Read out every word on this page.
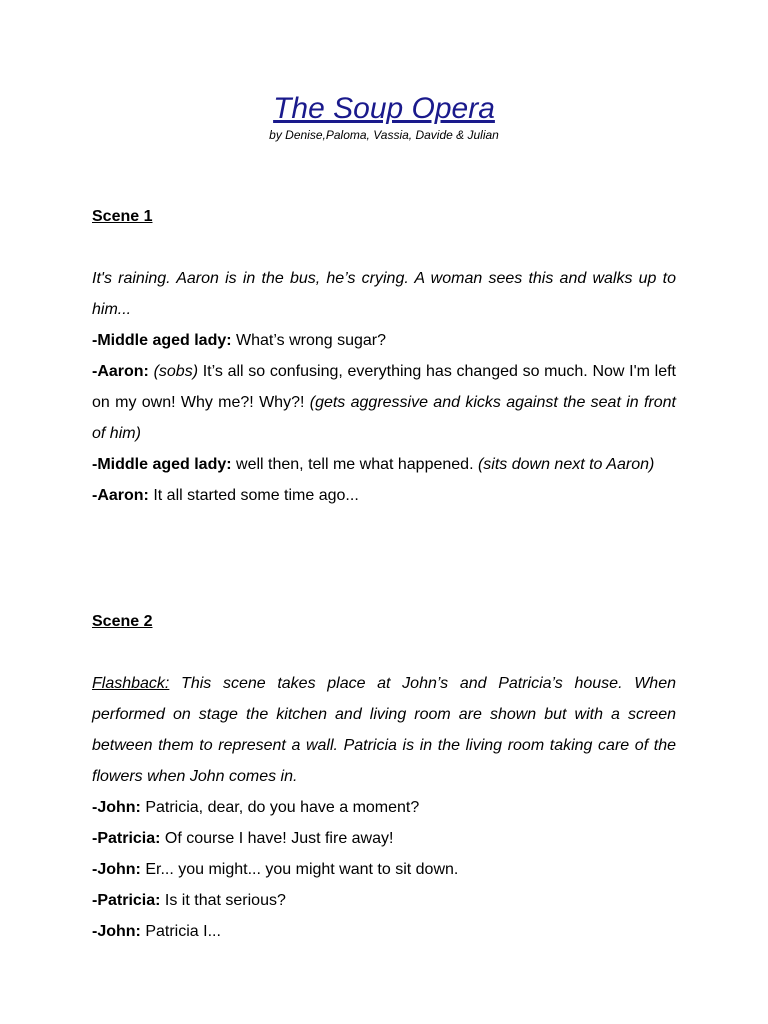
The Soup Opera
by Denise,Paloma, Vassia, Davide & Julian
Scene 1

It's raining. Aaron is in the bus, he’s crying. A woman sees this and walks up to him...

-Middle aged lady: What’s wrong sugar?

-Aaron: (sobs) It’s all so confusing, everything has changed so much. Now I'm left on my own! Why me?! Why?! (gets aggressive and kicks against the seat in front of him)

-Middle aged lady: well then, tell me what happened. (sits down next to Aaron)

-Aaron: It all started some time ago...

Scene 2

Flashback: This scene takes place at John’s and Patricia’s house. When performed on stage the kitchen and living room are shown but with a screen between them to represent a wall. Patricia is in the living room taking care of the flowers when John comes in.

-John: Patricia, dear, do you have a moment?

-Patricia: Of course I have! Just fire away!

-John: Er... you might... you might want to sit down.

-Patricia: Is it that serious?

-John: Patricia I...
